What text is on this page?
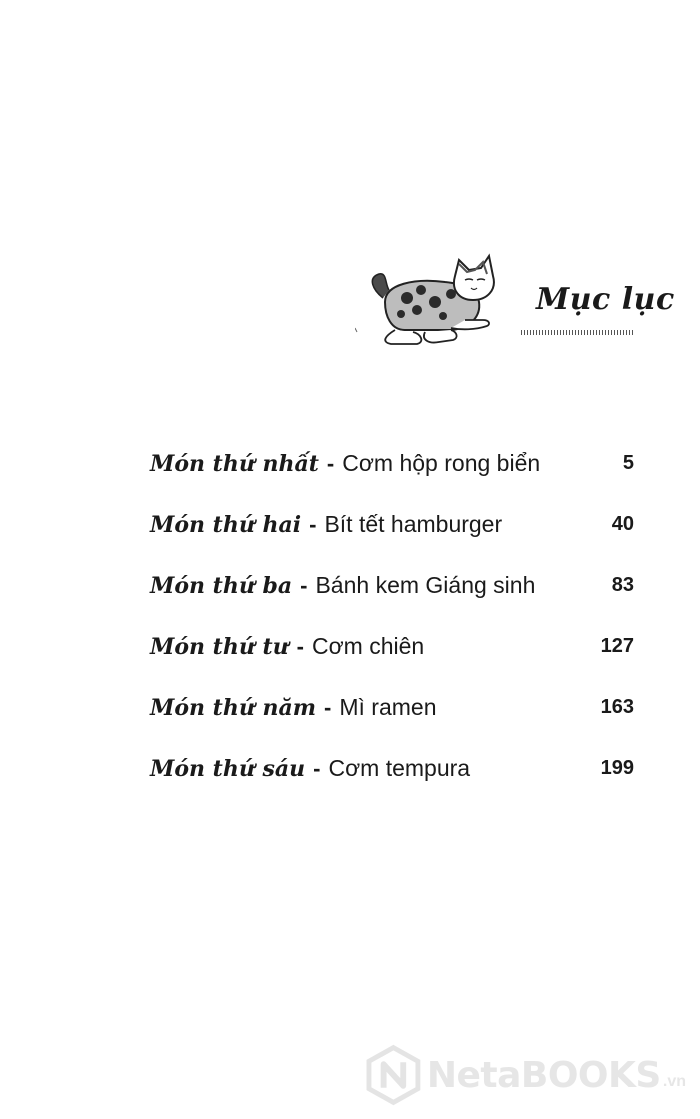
Mục lục
Món thứ nhất - Cơm hộp rong biển	5
Món thứ hai - Bít tết hamburger	40
Món thứ ba - Bánh kem Giáng sinh	83
Món thứ tư - Cơm chiên	127
Món thứ năm - Mì ramen	163
Món thứ sáu - Cơm tempura	199
NetaBOOKS .vn
